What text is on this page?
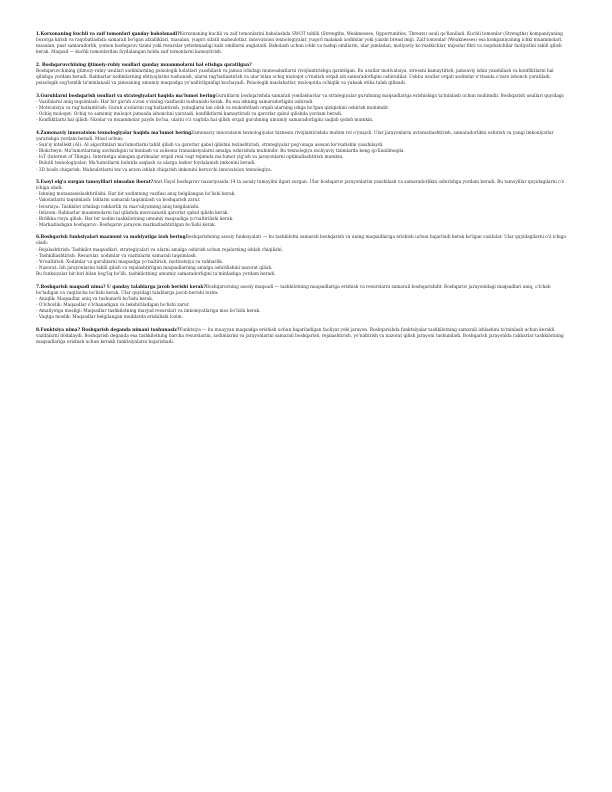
1.Korxonaning kuchli va zaif tomonlari qanday baholanadi?Korxonaning kuchli va zaif tomonlarini baholashda SWOT tahlili (Strengths, Weaknesses, Opportunities, Threats) usuli qo'llaniladi. Kuchli tomonlar (Strengths) kompaniyaning bozorga kirish va raqobatlashda samarali bo'lgan afzalliklari, masalan, yuqori sifatli mahsulotlar, innovatsion texnologiyalar, yuqori malakali xodimlar yoki yaxshi brend imiji. Zaif tomonlar (Weaknesses) esa kompaniyaning ichki muammolari, masalan, past samaradorlik, yomon boshqaruv tizimi yoki resurslar yetishmasligi kabi omillarni anglatadi. Baholash uchun ichki va tashqi omillarni, ular jumladan, moliyaviy ko'rsatkichlar, mijozlar fikri va raqobatchilar faoliyatini tahlil qilish kerak. Maqsad — kuchli tomonlardan foydalangan holda zaif tomonlarni kamaytirish.

2. Boshqaruvchining ijtimoiy-ruhiy usullari qanday muammolarni hal etishga qaratilgan?

Boshqaruvchining ijtimoiy-ruhiy usullari xodimlarning psixologik holatlari yaxshilash va jamoa ichidagi munosabatlarni rivojlantirishga qaratilgan. Bu usullar motivatsiya, stressni kamaytirish, jamoaviy ishni yaxshilash va konfliktlarni hal qilishga yordam beradi. Rahbarlar xodimlarning ehtiyojlarini tushunish, ularni rag'batlantirish va ular bilan ochiq muloqot o'rnatish orqali ish samaradorligini oshiradilar. Ushbu usullar orqali xodimlar o'rtasida o'zaro ishonch yaratiladi, psixologik sog'lomlik ta'minlanadi va jamoaning umumiy maqsadga yo'naltirilganligi kuchayadi. Psixologik maslahatlar, muloqotda ochiqlik va yuksak etika talab qilinadi.

3.Guruhlarni boshqarish usullari va strategiyalari haqida ma'lumot beringGuruhlarni boshqarishda samarali yondashuvlar va strategiyalar guruhning maqsadlariga erishishiga ta'minlash uchun muhimdir. Boshqarish usullari quyidagi:

- Vazifalarni aniq taqsimlash: Har bir guruh a'zosi o'zining vazifasini tushunishi kerak. Bu esa ishning samaradorligini oshiradi.

- Motivatsiya va rag'batlantirish: Guruh a'zolarini rag'batlantirish, yutuqlarni tan olish va mukofotlash orqali ularning ishga bo'lgan qiziqishini oshirish muhimdir.

- Ochiq muloqot: Ochiq va samimiy muloqot jamoada ishonchni yaratadi, konfliktlarni kamaytiradi va qarorlar qabul qilishda yordam beradi.

- Konfliktlarni hal qilish: Nizolar va muammolar paydo bo'lsa, ularni o'z vaqtida hal qilish orqali guruhning umumiy samaradorligini saqlab qolish mumkin.

4.Zamonaviy innovatsion texnologiyalar haqida ma'lumot beringZamonaviy innovatsion texnologiyalar biznesni rivojlantirishda muhim rol o'ynaydi. Ular jarayonlarni avtomatlashtirish, samaradorlikni oshirish va yangi imkoniyatlar yaratishga yordam beradi. Misol uchun:

- Sun'iy intellekt (AI): AI algoritmlari ma'lumotlarni tahlil qilish va qarorlar qabul qilishni tezlashtiradi, strategiyalar pog'onaga asosan ko'rsatishni yaxshilaydi.

- Blokcheyn: Ma'lumotlarning xavfsizligini ta'minlash va xolisona tranzaksiyalarni amalga oshirishda muhimdir. Bu texnologiya moliyaviy tizimlarda keng qo'llanilmoqda.

- IoT (Internet of Things): Internetga ulangan qurilmalar orqali real vaqt rejimida ma'lumot yig'ish va jarayonlarni optimallashtirish mumkin.

- Bulutli texnologiyalar: Ma'lumotlarni bulutda saqlash va ularga tezkor foydalanish imkonini beradi.

- 3D bosib chiqarish: Mahsulotlarni tez va arzon ishlab chiqarish imkonini beruvchi innovatsion texnologiya.

5.Faoyl olg'a surgan tamoyillari nimadan iborat?Anri Fayol boshqaruv nazariyasida 14 ta asosiy tamoyilni ilgari surgan. Ular boshqaruv jarayonlarini yaxshilash va samaradorlikni oshirishga yordam beradi. Bu tamoyillar quyidagilarni o'z ichiga oladi:

- Ishning mutaxassislashtirilishi: Har bir xodimning vazifasi aniq belgilangan bo'lishi kerak.

- Vakolatlarni taqsimlash: Ishlarni samarali taqsimlash va boshqarish zarur.

- Ierarxiya: Tashkilot ichidagi rahbarlik va mas'uliyatning aniq belgilanishi.

- Intizom: Rahbarlar muammolarni hal qilishda muvozanatli qarorlar qabul qilishi kerak.

- Birlikka rioya qilish: Har bir xodim tashkilotning umumiy maqsadiga yo'naltirilishi kerak.

- Markazlashgan boshqaruv: Boshqaruv jarayoni markazlashtirilgan bo'lishi kerak.

6.Boshqarish funksiyalari mazmuni va mohiyatiga izoh beringBoshqarishning asosiy funksiyalari — bu tashkilotni samarali boshqarish va uning maqsadlariga erishish uchun bajariladi kerak bo'lgan vazifalar. Ular quyidagilarni o'z ichiga oladi:

- Rejalashtirish: Tashkilot maqsadlari, strategiyalari va ularni amalga oshirish uchun rejalarning ishlab chiqilishi.

- Tashkillashtirish: Resurslar, xodimlar va vazifalarni samarali taqsimlash.

- Yo'naltirish: Xodimlar va guruhlarni maqsadga yo'naltirish, motivatsiya va rahbarlik.

- Nazorat: Ish jarayonlarini tahlil qilish va rejalashtirilgan maqsadlarning amalga oshirilishini nazorat qilish.

Bu funksiyalar bir-biri bilan bog'liq bo'lib, tashkilotning umumiy samaradorligini ta'minlashga yordam beradi.

7.Boshqarish maqsadi nima? U qanday talablarga javob berishi kerak?Boshqaruvning asosiy maqsadi — tashkilotning maqsadlariga erishish va resurslarni samarali boshqarishdir. Boshqaruv jarayonidagi maqsadlari aniq, o'lchab bo'ladigan va vaqtincha bo'lishi kerak. Ular quyidagi talablarga javob berishi lozim:

- Aniqlik: Maqsadlar aniq va tushunarli bo'lishi kerak.

- O'lchovlik: Maqsadlar o'lchanadigan va tekshiriladigan bo'lishi zarur.

- Amaliyotga mosligi: Maqsadlar tashkilotning mavjud resurslari va imkoniyatlariga mos bo'lishi kerak.

- Vaqtga moslik: Maqsadlar belgilangan muddatda erishilishi lozim.

8.Funktsiya nima? Boshqarish deganda nimani tushunasiz?Funktsiya — bu muayyan maqsadga erishish uchun bajariladigan faoliyat yoki jarayon. Boshqarishda funktsiyalar tashkilotning samarali ishlashini ta'minlash uchun kerakli vazifalarni ifodalaydi. Boshqarish deganda esa tashkilotning barcha resurslarini, xodimlarini va jarayonlarini samarali boshqarish, rejalashtirish, yo'naltirish va nazorat qilish jarayoni tushuniladi. Boshqarish jarayonida rahbarlar tashkilotning maqsadlariga erishish uchun kerakli funktsiyalarni bajarishadi.
